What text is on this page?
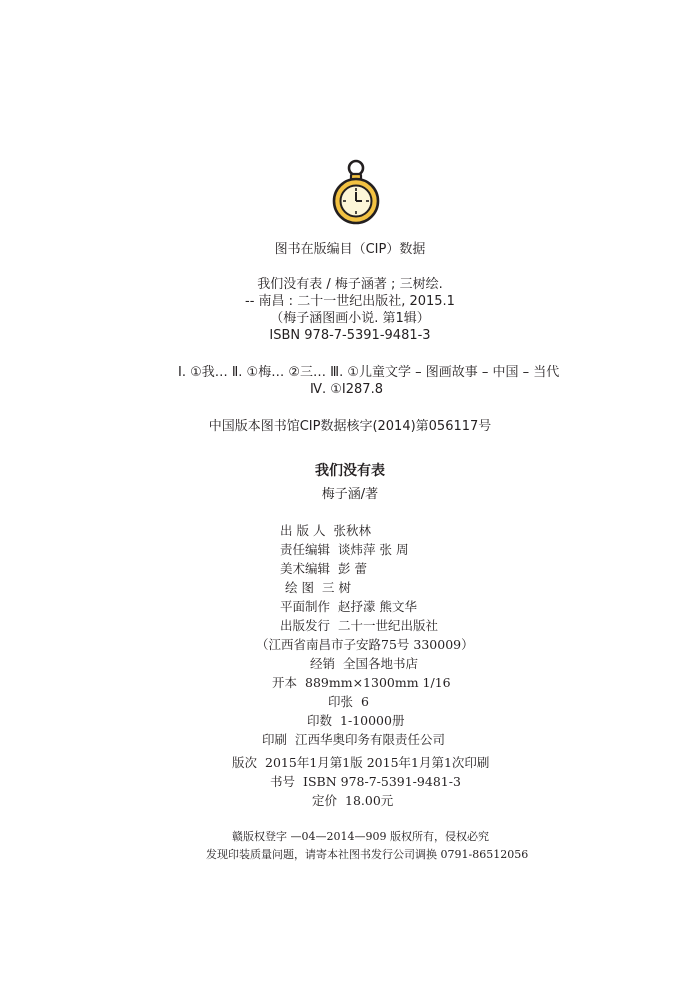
图书在版编目（CIP）数据
我们没有表 / 梅子涵著 ; 三树绘.
-- 南昌 : 二十一世纪出版社, 2015.1
（梅子涵图画小说. 第1辑）
ISBN 978-7-5391-9481-3
Ⅰ. ①我… Ⅱ. ①梅… ②三… Ⅲ. ①儿童文学 – 图画故事 – 中国 – 当代
Ⅳ. ①I287.8
中国版本图书馆CIP数据核字(2014)第056117号
我们没有表
梅子涵/著
出 版 人 张秋林
责任编辑 谈炜萍 张 周
美术编辑 彭 蕾
绘 图 三 树
平面制作 赵抒濛 熊文华
出版发行 二十一世纪出版社
（江西省南昌市子安路75号 330009）
经销 全国各地书店
开本 889mm×1300mm 1/16
印张 6
印数 1-10000册
印刷 江西华奥印务有限责任公司
版次 2015年1月第1版 2015年1月第1次印刷
书号 ISBN 978-7-5391-9481-3
定价 18.00元
赣版权登字 —04—2014—909 版权所有，侵权必究
发现印装质量问题，请寄本社图书发行公司调换 0791-86512056
